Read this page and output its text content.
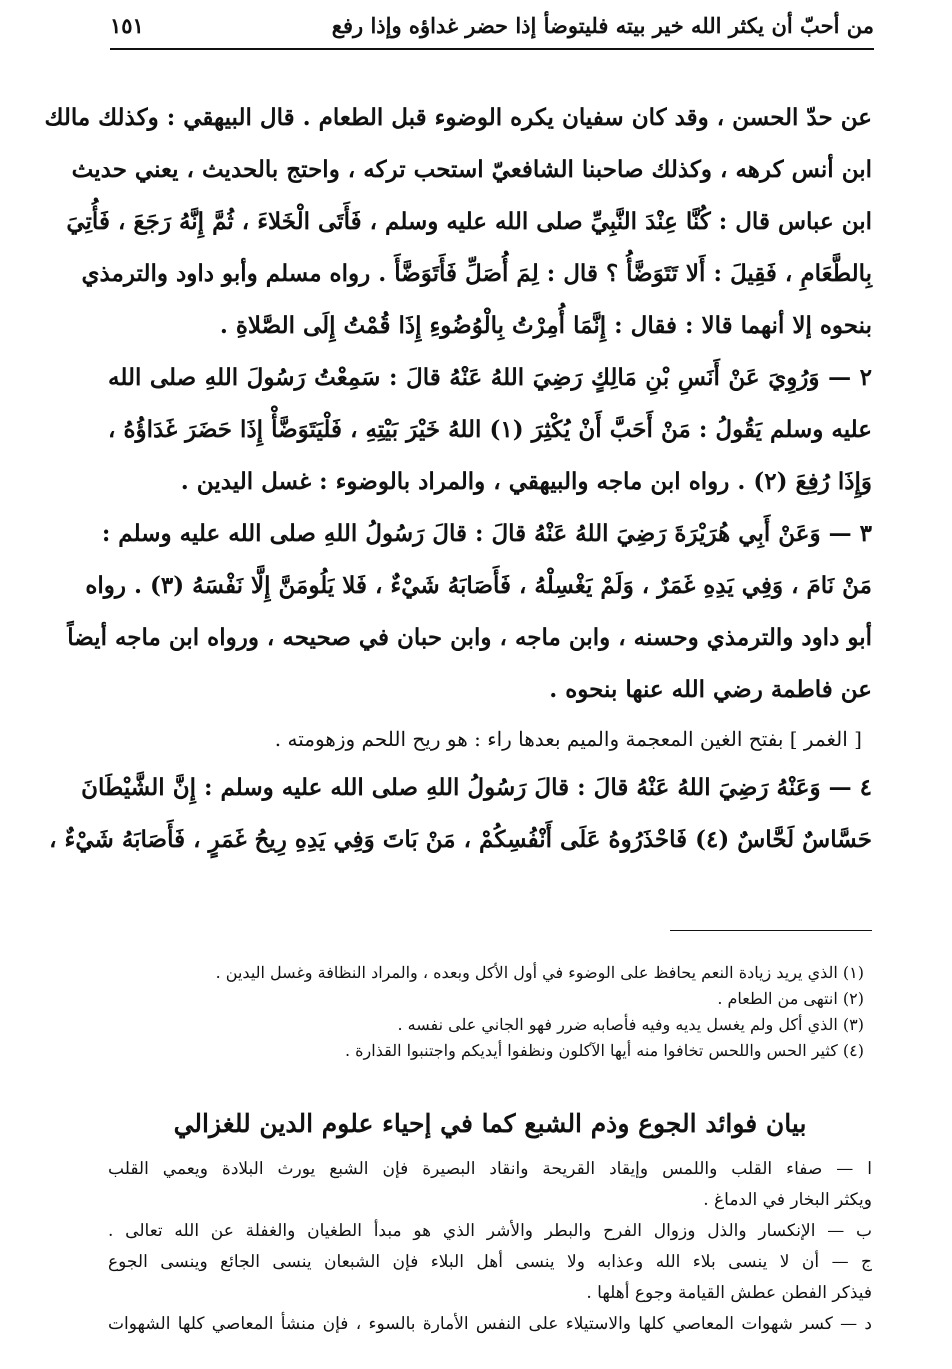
من أحبّ أن يكثر الله خير بيته فليتوضأ إذا حضر غداؤه وإذا رفع
١٥١
عن حدّ الحسن ، وقد كان سفيان يكره الوضوء قبل الطعام . قال البيهقي : وكذلك مالك
ابن أنس كرهه ، وكذلك صاحبنا الشافعيّ استحب تركه ، واحتج بالحديث ، يعني حديث
ابن عباس قال : كُنَّا عِنْدَ النَّبِيِّ صلى الله عليه وسلم ، فَأَتَى الْخَلاءَ ، ثُمَّ إِنَّهُ رَجَعَ ، فَأُتِيَ
بِالطَّعَامِ ، فَقِيلَ : أَلا تَتَوَضَّأُ ؟ قال : لِمَ أُصَلِّ فَأَتَوَضَّأَ . رواه مسلم وأبو داود والترمذي
بنحوه إلا أنهما قالا : فقال : إِنَّمَا أُمِرْتُ بِالْوُضُوءِ إِذَا قُمْتُ إِلَى الصَّلاةِ .
٢ — وَرُوِيَ عَنْ أَنَسِ بْنِ مَالِكٍ رَضِيَ اللهُ عَنْهُ قالَ : سَمِعْتُ رَسُولَ اللهِ صلى الله
عليه وسلم يَقُولُ : مَنْ أَحَبَّ أَنْ يُكْثِرَ (١) اللهُ خَيْرَ بَيْتِهِ ، فَلْيَتَوَضَّأْ إِذَا حَضَرَ غَدَاؤُهُ ،
وَإِذَا رُفِعَ (٢) . رواه ابن ماجه والبيهقي ، والمراد بالوضوء : غسل اليدين .
٣ — وَعَنْ أَبِي هُرَيْرَةَ رَضِيَ اللهُ عَنْهُ قالَ : قالَ رَسُولُ اللهِ صلى الله عليه وسلم :
مَنْ نَامَ ، وَفِي يَدِهِ غَمَرٌ ، وَلَمْ يَغْسِلْهُ ، فَأَصَابَهُ شَيْءٌ ، فَلا يَلُومَنَّ إِلَّا نَفْسَهُ (٣) . رواه
أبو داود والترمذي وحسنه ، وابن ماجه ، وابن حبان في صحيحه ، ورواه ابن ماجه أيضاً
عن فاطمة رضي الله عنها بنحوه .
[ الغمر ] بفتح الغين المعجمة والميم بعدها راء : هو ريح اللحم وزهومته .
٤ — وَعَنْهُ رَضِيَ اللهُ عَنْهُ قالَ : قالَ رَسُولُ اللهِ صلى الله عليه وسلم : إِنَّ الشَّيْطَانَ
حَسَّاسٌ لَحَّاسٌ (٤) فَاحْذَرُوهُ عَلَى أَنْفُسِكُمْ ، مَنْ بَاتَ وَفِي يَدِهِ رِيحُ غَمَرٍ ، فَأَصَابَهُ شَيْءٌ ،
(١) الذي يريد زيادة النعم يحافظ على الوضوء في أول الأكل وبعده ، والمراد النظافة وغسل اليدين .
(٢) انتهى من الطعام .
(٣) الذي أكل ولم يغسل يديه وفيه فأصابه ضرر فهو الجاني على نفسه .
(٤) كثير الحس واللحس تخافوا منه أيها الآكلون ونظفوا أيديكم واجتنبوا القذارة .
بيان فوائد الجوع وذم الشبع كما في إحياء علوم الدين للغزالي
ا — صفاء القلب واللمس وإيقاد القريحة وانقاد البصيرة فإن الشبع يورث البلادة ويعمي القلب
ويكثر البخار في الدماغ .
ب — الإنكسار والذل وزوال الفرح والبطر والأشر الذي هو مبدأ الطغيان والغفلة عن الله تعالى .
ج — أن لا ينسى بلاء الله وعذابه ولا ينسى أهل البلاء فإن الشبعان ينسى الجائع وينسى الجوع
فيذكر الفطن عطش القيامة وجوع أهلها .
د — كسر شهوات المعاصي كلها والاستيلاء على النفس الأمارة بالسوء ، فإن منشأ المعاصي كلها الشهوات
